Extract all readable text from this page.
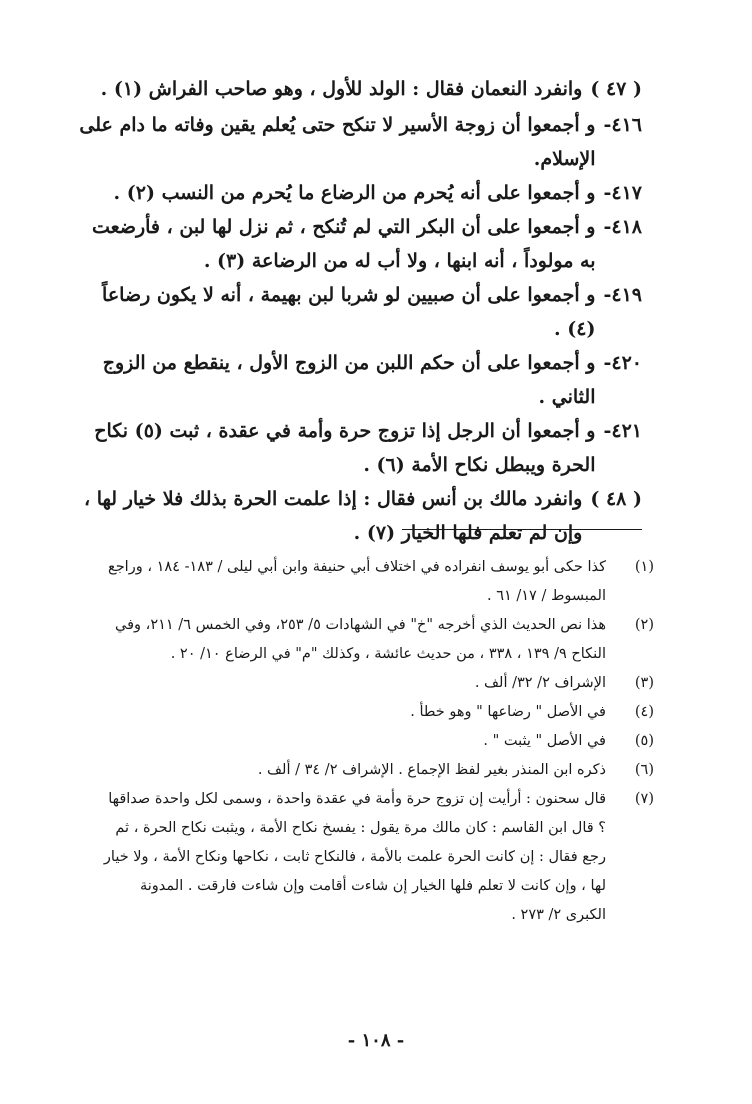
( ٤٧ )
وانفرد النعمان فقال : الولد للأول ، وهو صاحب الفراش (١) .
٤١٦-
و أجمعوا أن زوجة الأسير لا تنكح حتى يُعلم يقين وفاته ما دام على الإسلام.
٤١٧-
و أجمعوا على أنه يُحرم من الرضاع ما يُحرم من النسب (٢) .
٤١٨-
و أجمعوا على أن البكر التي لم تُنكح ، ثم نزل لها لبن ، فأرضعت به مولوداً ، أنه ابنها ، ولا أب له من الرضاعة (٣) .
٤١٩-
و أجمعوا على أن صبيين لو شربا لبن بهيمة ، أنه لا يكون رضاعاً (٤) .
٤٢٠-
و أجمعوا على أن حكم اللبن من الزوج الأول ، ينقطع من الزوج الثاني .
٤٢١-
و أجمعوا أن الرجل إذا تزوج حرة وأمة في عقدة ، ثبت (٥) نكاح الحرة ويبطل نكاح الأمة (٦) .
( ٤٨ )
وانفرد مالك بن أنس فقال : إذا علمت الحرة بذلك فلا خيار لها ، وإن لم تعلم فلها الخيار (٧) .
(١)
كذا حكى أبو يوسف انفراده في اختلاف أبي حنيفة وابن أبي ليلى / ١٨٣- ١٨٤ ، وراجع المبسوط / ١٧/ ٦١ .
(٢)
هذا نص الحديث الذي أخرجه "خ" في الشهادات ٥/ ٢٥٣، وفي الخمس ٦/ ٢١١، وفي النكاح ٩/ ١٣٩ ، ٣٣٨ ، من حديث عائشة ، وكذلك "م" في الرضاع ١٠/ ٢٠ .
(٣)
الإشراف ٢/ ٣٢/ ألف .
(٤)
في الأصل " رضاعها " وهو خطأ .
(٥)
في الأصل " يثبت " .
(٦)
ذكره ابن المنذر بغير لفظ الإجماع . الإشراف ٢/ ٣٤ / ألف .
(٧)
قال سحنون : أرأيت إن تزوج حرة وأمة في عقدة واحدة ، وسمى لكل واحدة صداقها ؟ قال ابن القاسم : كان مالك مرة يقول : يفسخ نكاح الأمة ، ويثبت نكاح الحرة ، ثم رجع فقال : إن كانت الحرة علمت بالأمة ، فالنكاح ثابت ، نكاحها ونكاح الأمة ، ولا خيار لها ، وإن كانت لا تعلم فلها الخيار إن شاءت أقامت وإن شاءت فارقت . المدونة الكبرى ٢/ ٢٧٣ .
- ١٠٨ -
